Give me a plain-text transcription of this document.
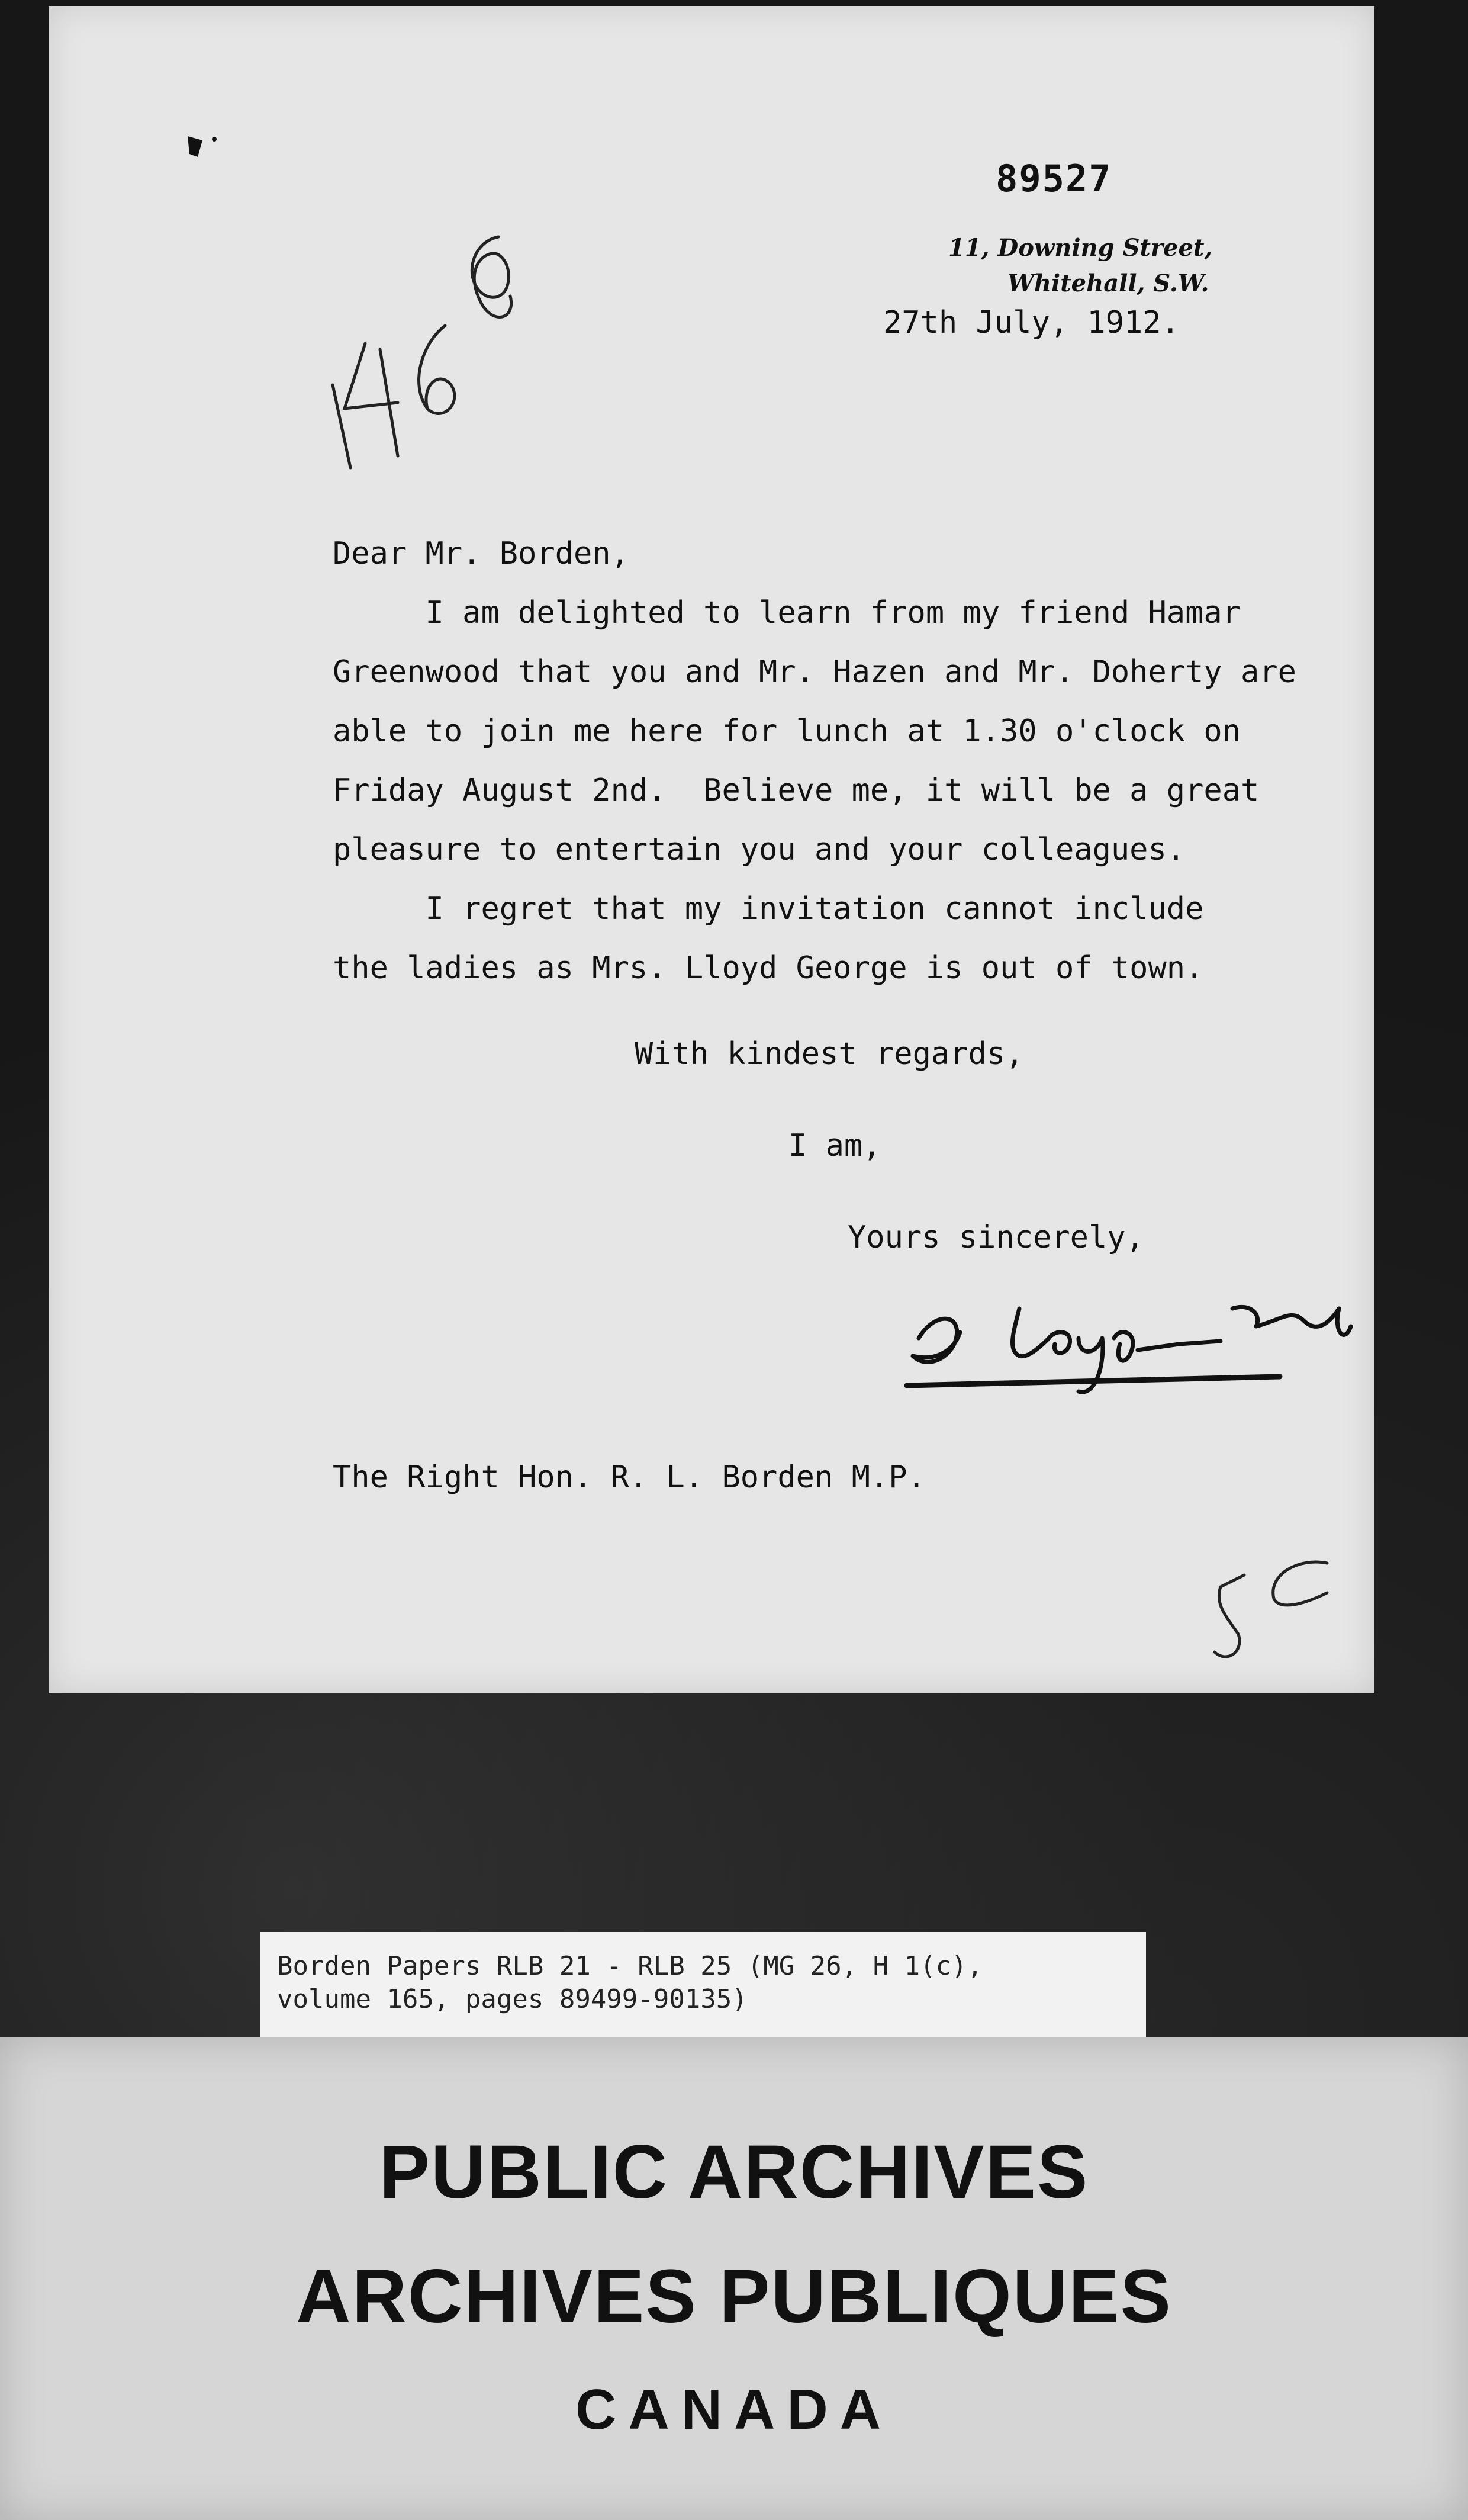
89527
11, Downing Street,
Whitehall, S.W.
27th July, 1912.
Dear Mr. Borden,
I am delighted to learn from my friend Hamar
Greenwood that you and Mr. Hazen and Mr. Doherty are
able to join me here for lunch at 1.30 o'clock on
Friday August 2nd.  Believe me, it will be a great
pleasure to entertain you and your colleagues.
I regret that my invitation cannot include
the ladies as Mrs. Lloyd George is out of town.
With kindest regards,
I am,
Yours sincerely,
The Right Hon. R. L. Borden M.P.
Borden Papers RLB 21 - RLB 25 (MG 26, H 1(c),
volume 165, pages 89499-90135)
PUBLIC ARCHIVES
ARCHIVES PUBLIQUES
CANADA
